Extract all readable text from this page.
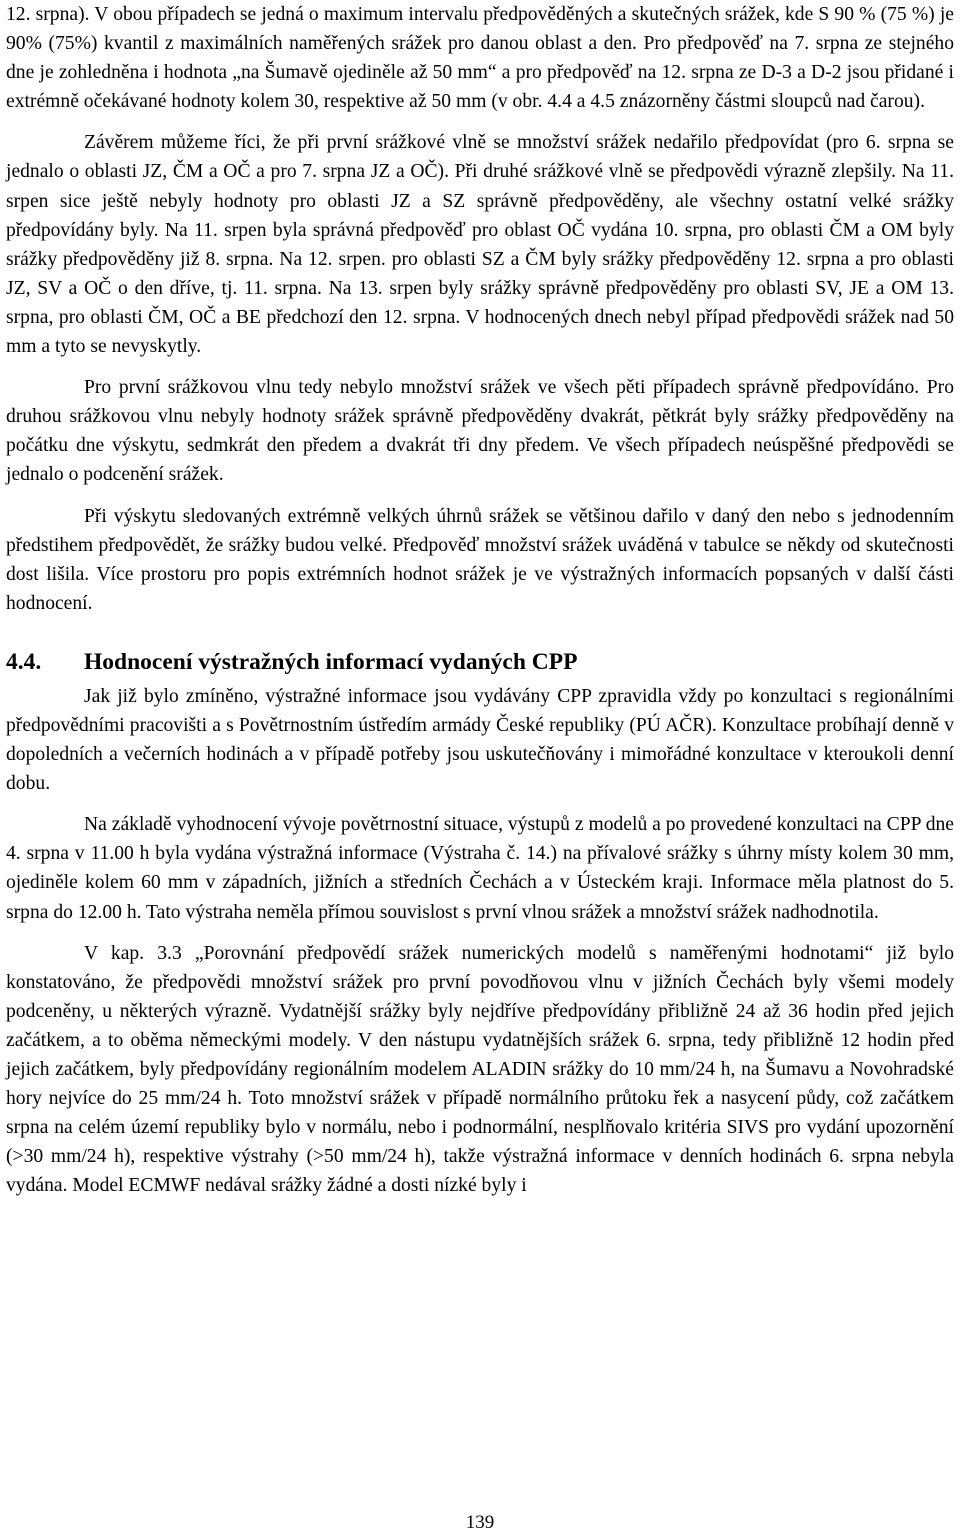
12. srpna). V obou případech se jedná o maximum intervalu předpověděných a skutečných srážek, kde S 90 % (75 %) je 90% (75%) kvantil z maximálních naměřených srážek pro danou oblast a den. Pro předpověď na 7. srpna ze stejného dne je zohledněna i hodnota „na Šumavě ojediněle až 50 mm“ a pro předpověď na 12. srpna ze D-3 a D-2 jsou přidané i extrémně očekávané hodnoty kolem 30, respektive až 50 mm (v obr. 4.4 a 4.5 znázorněny částmi sloupců nad čarou).

Závěrem můžeme říci, že při první srážkové vlně se množství srážek nedařilo předpovídat (pro 6. srpna se jednalo o oblasti JZ, ČM a OČ a pro 7. srpna JZ a OČ). Při druhé srážkové vlně se předpovědi výrazně zlepšily. Na 11. srpen sice ještě nebyly hodnoty pro oblasti JZ a SZ správně předpověděny, ale všechny ostatní velké srážky předpovídány byly. Na 11. srpen byla správná předpověď pro oblast OČ vydána 10. srpna, pro oblasti ČM a OM byly srážky předpověděny již 8. srpna. Na 12. srpen. pro oblasti SZ a ČM byly srážky předpověděny 12. srpna a pro oblasti JZ, SV a OČ o den dříve, tj. 11. srpna. Na 13. srpen byly srážky správně předpověděny pro oblasti SV, JE a OM 13. srpna, pro oblasti ČM, OČ a BE předchozí den 12. srpna. V hodnocených dnech nebyl případ předpovědi srážek nad 50 mm a tyto se nevyskytly.

Pro první srážkovou vlnu tedy nebylo množství srážek ve všech pěti případech správně předpovídáno. Pro druhou srážkovou vlnu nebyly hodnoty srážek správně předpověděny dvakrát, pětkrát byly srážky předpověděny na počátku dne výskytu, sedmkrát den předem a dvakrát tři dny předem. Ve všech případech neúspěšné předpovědi se jednalo o podcenění srážek.

Při výskytu sledovaných extrémně velkých úhrnů srážek se většinou dařilo v daný den nebo s jednodenním předstihem předpovědět, že srážky budou velké. Předpověď množství srážek uváděná v tabulce se někdy od skutečnosti dost lišila. Více prostoru pro popis extrémních hodnot srážek je ve výstražných informacích popsaných v další části hodnocení.

4.4. Hodnocení výstražných informací vydaných CPP

Jak již bylo zmíněno, výstražné informace jsou vydávány CPP zpravidla vždy po konzultaci s regionálními předpovědními pracovišti a s Povětrnostním ústředím armády České republiky (PÚ AČR). Konzultace probíhají denně v dopoledních a večerních hodinách a v případě potřeby jsou uskutečňovány i mimořádné konzultace v kteroukoli denní dobu.

Na základě vyhodnocení vývoje povětrnostní situace, výstupů z modelů a po provedené konzultaci na CPP dne 4. srpna v 11.00 h byla vydána výstražná informace (Výstraha č. 14.) na přívalové srážky s úhrny místy kolem 30 mm, ojediněle kolem 60 mm v západních, jižních a středních Čechách a v Ústeckém kraji. Informace měla platnost do 5. srpna do 12.00 h. Tato výstraha neměla přímou souvislost s první vlnou srážek a množství srážek nadhodnotila.

V kap. 3.3 „Porovnání předpovědí srážek numerických modelů s naměřenými hodnotami“ již bylo konstatováno, že předpovědi množství srážek pro první povodňovou vlnu v jižních Čechách byly všemi modely podceněny, u některých výrazně. Vydatnější srážky byly nejdříve předpovídány přibližně 24 až 36 hodin před jejich začátkem, a to oběma německými modely. V den nástupu vydatnějších srážek 6. srpna, tedy přibližně 12 hodin před jejich začátkem, byly předpovídány regionálním modelem ALADIN srážky do 10 mm/24 h, na Šumavu a Novohradské hory nejvíce do 25 mm/24 h. Toto množství srážek v případě normálního průtoku řek a nasycení půdy, což začátkem srpna na celém území republiky bylo v normálu, nebo i podnormální, nesplňovalo kritéria SIVS pro vydání upozornění (>30 mm/24 h), respektive výstrahy (>50 mm/24 h), takže výstražná informace v denních hodinách 6. srpna nebyla vydána. Model ECMWF nedával srážky žádné a dosti nízké byly i

139
